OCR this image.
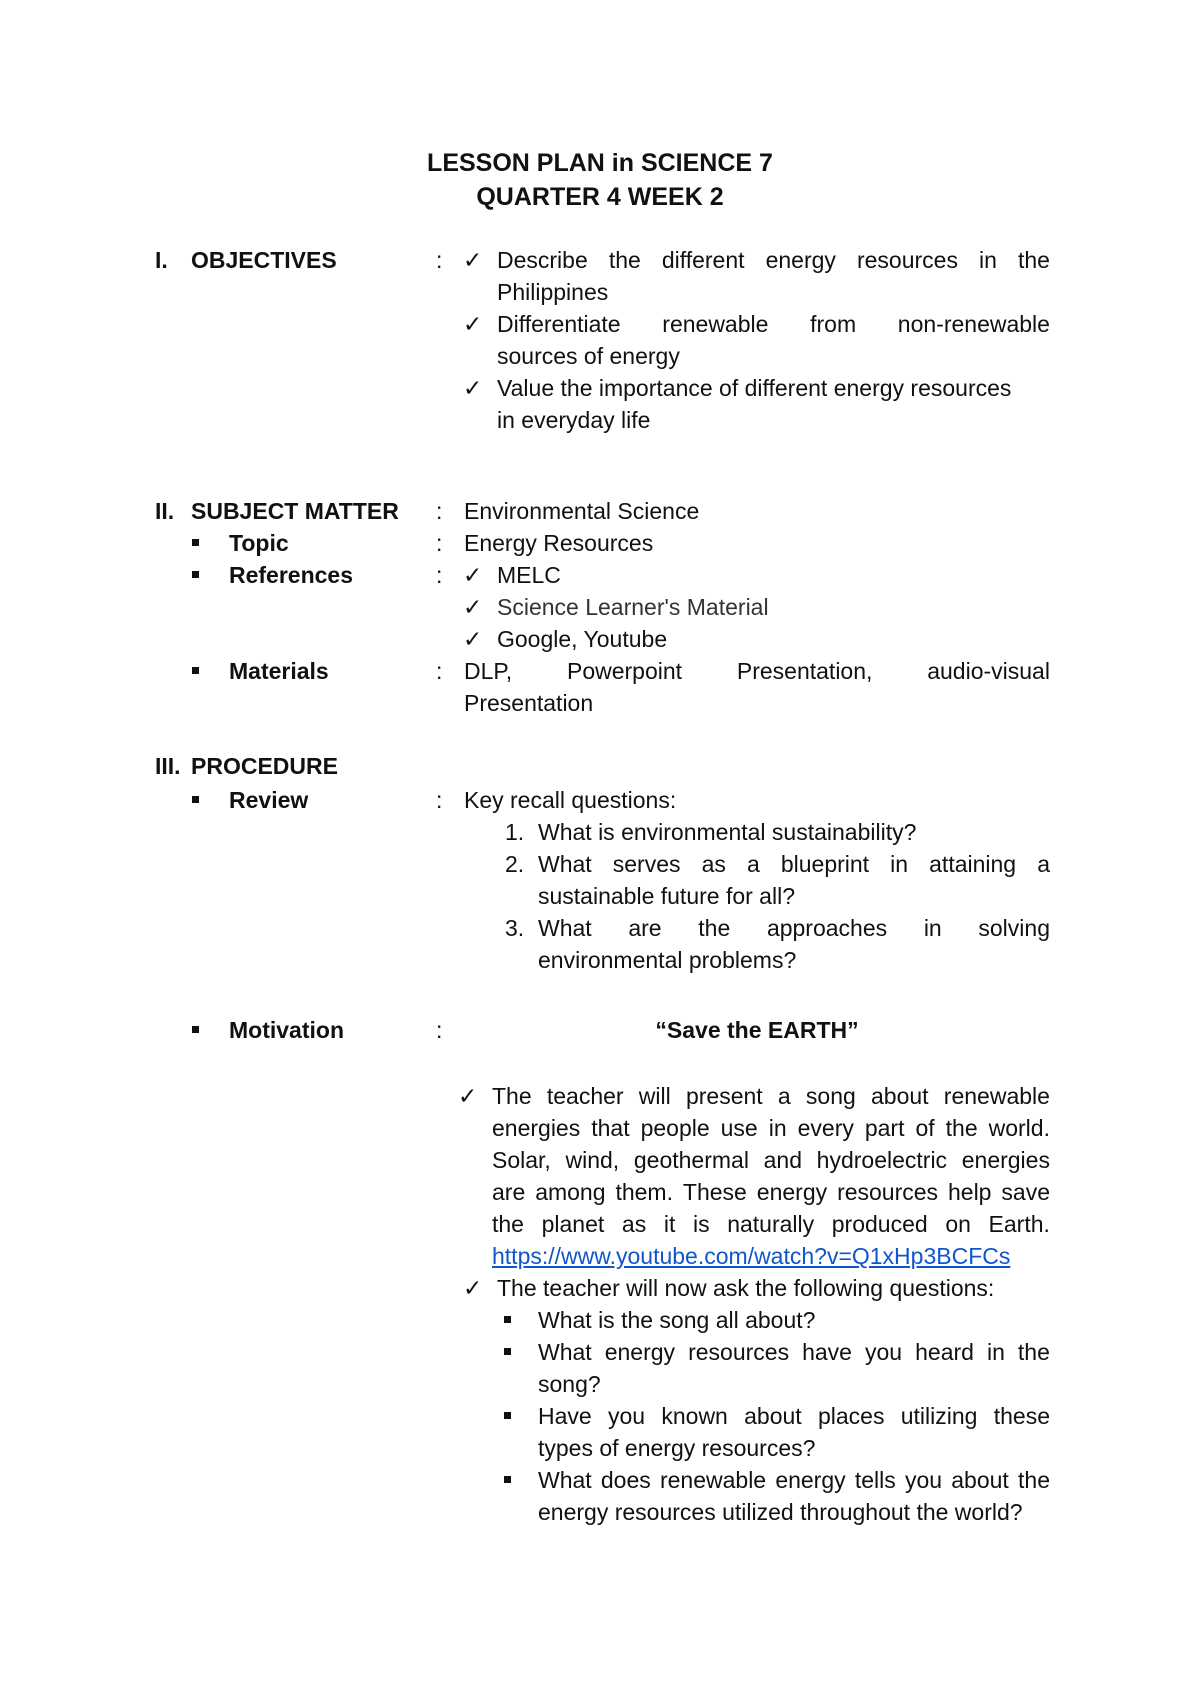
LESSON PLAN in SCIENCE 7
QUARTER 4 WEEK 2
I. OBJECTIVES	: ✓ Describe the different energy resources in the
Philippines
✓ Differentiate renewable from non-renewable
sources of energy
✓ Value the importance of different energy resources
in everyday life
II. SUBJECT MATTER : Environmental Science
Topic	: Energy Resources
References	: ✓ MELC
✓ Science Learner's Material
✓ Google, Youtube
Materials	: DLP, Powerpoint Presentation, audio-visual
Presentation
III. PROCEDURE
Review	: Key recall questions:
1. What is environmental sustainability?
2. What serves as a blueprint in attaining a
sustainable future for all?
3. What are the approaches in solving
environmental problems?
Motivation	:	“Save the EARTH”
✓ The teacher will present a song about renewable
energies that people use in every part of the world.
Solar, wind, geothermal and hydroelectric energies
are among them. These energy resources help save
the planet as it is naturally produced on Earth.
https://www.youtube.com/watch?v=Q1xHp3BCFCs
✓ The teacher will now ask the following questions:
What is the song all about?
What energy resources have you heard in the
song?
Have you known about places utilizing these
types of energy resources?
What does renewable energy tells you about the
energy resources utilized throughout the world?
